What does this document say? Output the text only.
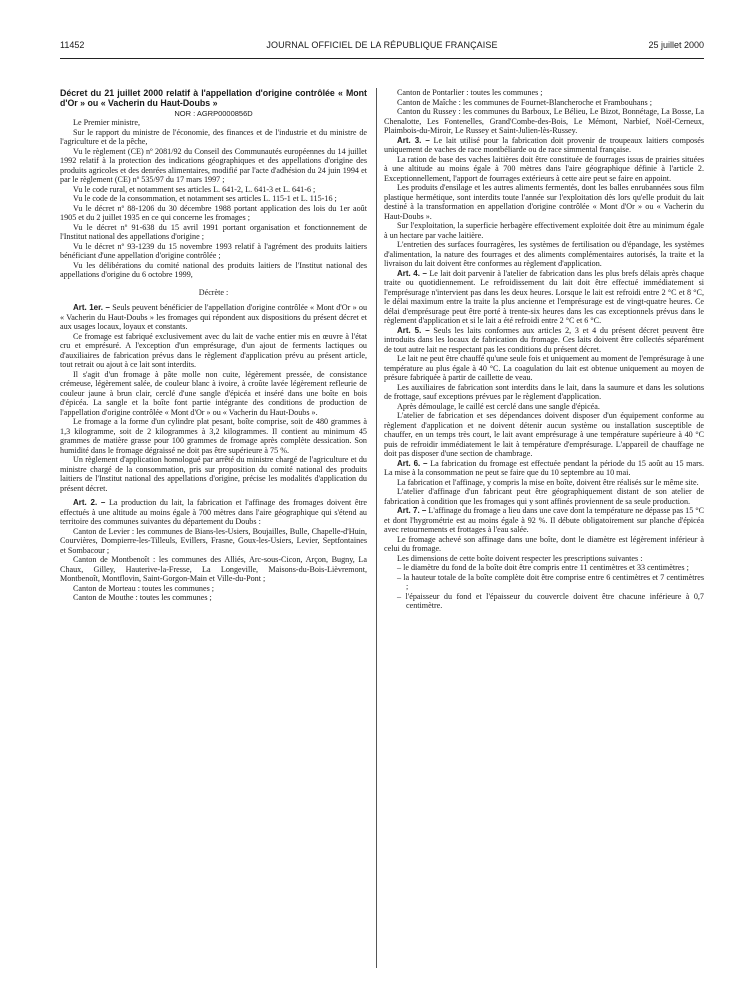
11452	JOURNAL OFFICIEL DE LA RÉPUBLIQUE FRANÇAISE	25 juillet 2000

Décret du 21 juillet 2000 relatif à l'appellation d'origine contrôlée « Mont d'Or » ou « Vacherin du Haut-Doubs »

NOR : AGRP0000856D

Le Premier ministre,

Sur le rapport du ministre de l'économie, des finances et de l'industrie et du ministre de l'agriculture et de la pêche,

Vu le règlement (CE) nº 2081/92 du Conseil des Communautés européennes du 14 juillet 1992 relatif à la protection des indications géographiques et des appellations d'origine des produits agricoles et des denrées alimentaires, modifié par l'acte d'adhésion du 24 juin 1994 et par le règlement (CE) nº 535/97 du 17 mars 1997 ;

Vu le code rural, et notamment ses articles L. 641-2, L. 641-3 et L. 641-6 ;

Vu le code de la consommation, et notamment ses articles L. 115-1 et L. 115-16 ;

Vu le décret nº 88-1206 du 30 décembre 1988 portant application des lois du 1er août 1905 et du 2 juillet 1935 en ce qui concerne les fromages ;

Vu le décret nº 91-638 du 15 avril 1991 portant organisation et fonctionnement de l'Institut national des appellations d'origine ;

Vu le décret nº 93-1239 du 15 novembre 1993 relatif à l'agrément des produits laitiers bénéficiant d'une appellation d'origine contrôlée ;

Vu les délibérations du comité national des produits laitiers de l'Institut national des appellations d'origine du 6 octobre 1999,

Décrète :

Art. 1er. – Seuls peuvent bénéficier de l'appellation d'origine contrôlée « Mont d'Or » ou « Vacherin du Haut-Doubs » les fromages qui répondent aux dispositions du présent décret et aux usages locaux, loyaux et constants.

Ce fromage est fabriqué exclusivement avec du lait de vache entier mis en œuvre à l'état cru et emprésuré. A l'exception d'un emprésurage, d'un ajout de ferments lactiques ou d'auxiliaires de fabrication prévus dans le règlement d'application prévu au présent article, tout retrait ou ajout à ce lait sont interdits.

Il s'agit d'un fromage à pâte molle non cuite, légèrement pressée, de consistance crémeuse, légèrement salée, de couleur blanc à ivoire, à croûte lavée légèrement refleurie de couleur jaune à brun clair, cerclé d'une sangle d'épicéa et inséré dans une boîte en bois d'épicéa. La sangle et la boîte font partie intégrante des conditions de production de l'appellation d'origine contrôlée « Mont d'Or » ou « Vacherin du Haut-Doubs ».

Le fromage a la forme d'un cylindre plat pesant, boîte comprise, soit de 480 grammes à 1,3 kilogramme, soit de 2 kilogrammes à 3,2 kilogrammes. Il contient au minimum 45 grammes de matière grasse pour 100 grammes de fromage après complète dessication. Son humidité dans le fromage dégraissé ne doit pas être supérieure à 75 %.

Un règlement d'application homologué par arrêté du ministre chargé de l'agriculture et du ministre chargé de la consommation, pris sur proposition du comité national des produits laitiers de l'Institut national des appellations d'origine, précise les modalités d'application du présent décret.

Art. 2. – La production du lait, la fabrication et l'affinage des fromages doivent être effectués à une altitude au moins égale à 700 mètres dans l'aire géographique qui s'étend au territoire des communes suivantes du département du Doubs :

Canton de Levier : les communes de Bians-les-Usiers, Boujailles, Bulle, Chapelle-d'Huin, Courvières, Dompierre-les-Tilleuls, Evillers, Frasne, Goux-les-Usiers, Levier, Septfontaines et Sombacour ;

Canton de Montbenoît : les communes des Alliés, Arc-sous-Cicon, Arçon, Bugny, La Chaux, Gilley, Hauterive-la-Fresse, La Longeville, Maisons-du-Bois-Lièvremont, Montbenoît, Montflovin, Saint-Gorgon-Main et Ville-du-Pont ;

Canton de Morteau : toutes les communes ;

Canton de Mouthe : toutes les communes ;

Canton de Pontarlier : toutes les communes ;

Canton de Maîche : les communes de Fournet-Blancheroche et Frambouhans ;

Canton du Russey : les communes du Barboux, Le Bélieu, Le Bizot, Bonnétage, La Bosse, La Chenalotte, Les Fontenelles, Grand'Combe-des-Bois, Le Mémont, Narbief, Noël-Cerneux, Plaimbois-du-Miroir, Le Russey et Saint-Julien-lès-Russey.

Art. 3. – Le lait utilisé pour la fabrication doit provenir de troupeaux laitiers composés uniquement de vaches de race montbéliarde ou de race simmental française.

La ration de base des vaches laitières doit être constituée de fourrages issus de prairies situées à une altitude au moins égale à 700 mètres dans l'aire géographique définie à l'article 2. Exceptionnellement, l'apport de fourrages extérieurs à cette aire peut se faire en appoint.

Les produits d'ensilage et les autres aliments fermentés, dont les balles enrubannées sous film plastique hermétique, sont interdits toute l'année sur l'exploitation dès lors qu'elle produit du lait destiné à la transformation en appellation d'origine contrôlée « Mont d'Or » ou « Vacherin du Haut-Doubs ».

Sur l'exploitation, la superficie herbagère effectivement exploitée doit être au minimum égale à un hectare par vache laitière.

L'entretien des surfaces fourragères, les systèmes de fertilisation ou d'épandage, les systèmes d'alimentation, la nature des fourrages et des aliments complémentaires autorisés, la traite et la livraison du lait doivent être conformes au règlement d'application.

Art. 4. – Le lait doit parvenir à l'atelier de fabrication dans les plus brefs délais après chaque traite ou quotidiennement. Le refroidissement du lait doit être effectué immédiatement si l'emprésurage n'intervient pas dans les deux heures. Lorsque le lait est refroidi entre 2 °C et 8 °C, le délai maximum entre la traite la plus ancienne et l'emprésurage est de vingt-quatre heures. Ce délai d'emprésurage peut être porté à trente-six heures dans les cas exceptionnels prévus dans le règlement d'application et si le lait a été refroidi entre 2 °C et 6 °C.

Art. 5. – Seuls les laits conformes aux articles 2, 3 et 4 du présent décret peuvent être introduits dans les locaux de fabrication du fromage. Ces laits doivent être collectés séparément de tout autre lait ne respectant pas les conditions du présent décret.

Le lait ne peut être chauffé qu'une seule fois et uniquement au moment de l'emprésurage à une température au plus égale à 40 °C. La coagulation du lait est obtenue uniquement au moyen de présure fabriquée à partir de caillette de veau.

Les auxiliaires de fabrication sont interdits dans le lait, dans la saumure et dans les solutions de frottage, sauf exceptions prévues par le règlement d'application.

Après démoulage, le caillé est cerclé dans une sangle d'épicéa.

L'atelier de fabrication et ses dépendances doivent disposer d'un équipement conforme au règlement d'application et ne doivent détenir aucun système ou installation susceptible de chauffer, en un temps très court, le lait avant emprésurage à une température supérieure à 40 °C puis de refroidir immédiatement le lait à température d'emprésurage. L'appareil de chauffage ne doit pas disposer d'une section de chambrage.

Art. 6. – La fabrication du fromage est effectuée pendant la période du 15 août au 15 mars. La mise à la consommation ne peut se faire que du 10 septembre au 10 mai.

La fabrication et l'affinage, y compris la mise en boîte, doivent être réalisés sur le même site.

L'atelier d'affinage d'un fabricant peut être géographiquement distant de son atelier de fabrication à condition que les fromages qui y sont affinés proviennent de sa seule production.

Art. 7. – L'affinage du fromage a lieu dans une cave dont la température ne dépasse pas 15 °C et dont l'hygrométrie est au moins égale à 92 %. Il débute obligatoirement sur planche d'épicéa avec retournements et frottages à l'eau salée.

Le fromage achevé son affinage dans une boîte, dont le diamètre est légèrement inférieur à celui du fromage.

Les dimensions de cette boîte doivent respecter les prescriptions suivantes :

– le diamètre du fond de la boîte doit être compris entre 11 centimètres et 33 centimètres ;

– la hauteur totale de la boîte complète doit être comprise entre 6 centimètres et 7 centimètres ;

– l'épaisseur du fond et l'épaisseur du couvercle doivent être chacune inférieure à 0,7 centimètre.
